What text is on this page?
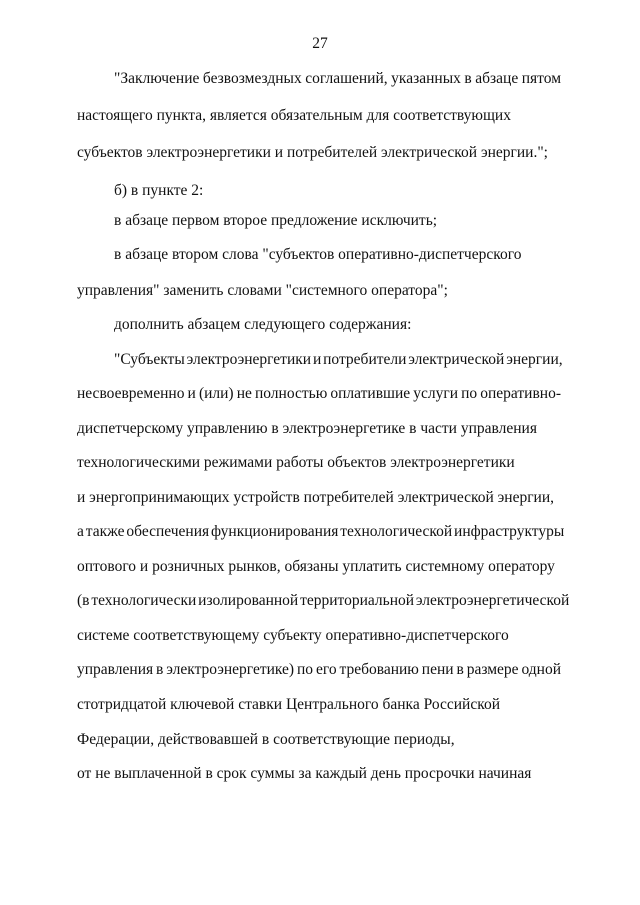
27
"Заключение безвозмездных соглашений, указанных в абзаце пятом
настоящего пункта, является обязательным для соответствующих
субъектов электроэнергетики и потребителей электрической энергии.";
б) в пункте 2:
в абзаце первом второе предложение исключить;
в абзаце втором слова "субъектов оперативно-диспетчерского
управления" заменить словами "системного оператора";
дополнить абзацем следующего содержания:
"Субъекты электроэнергетики и потребители электрической энергии,
несвоевременно и (или) не полностью оплатившие услуги по оперативно-
диспетчерскому управлению в электроэнергетике в части управления
технологическими режимами работы объектов электроэнергетики
и энергопринимающих устройств потребителей электрической энергии,
а также обеспечения функционирования технологической инфраструктуры
оптового и розничных рынков, обязаны уплатить системному оператору
(в технологически изолированной территориальной электроэнергетической
системе соответствующему субъекту оперативно-диспетчерского
управления в электроэнергетике) по его требованию пени в размере одной
стотридцатой ключевой ставки Центрального банка Российской
Федерации, действовавшей в соответствующие периоды,
от не выплаченной в срок суммы за каждый день просрочки начиная
